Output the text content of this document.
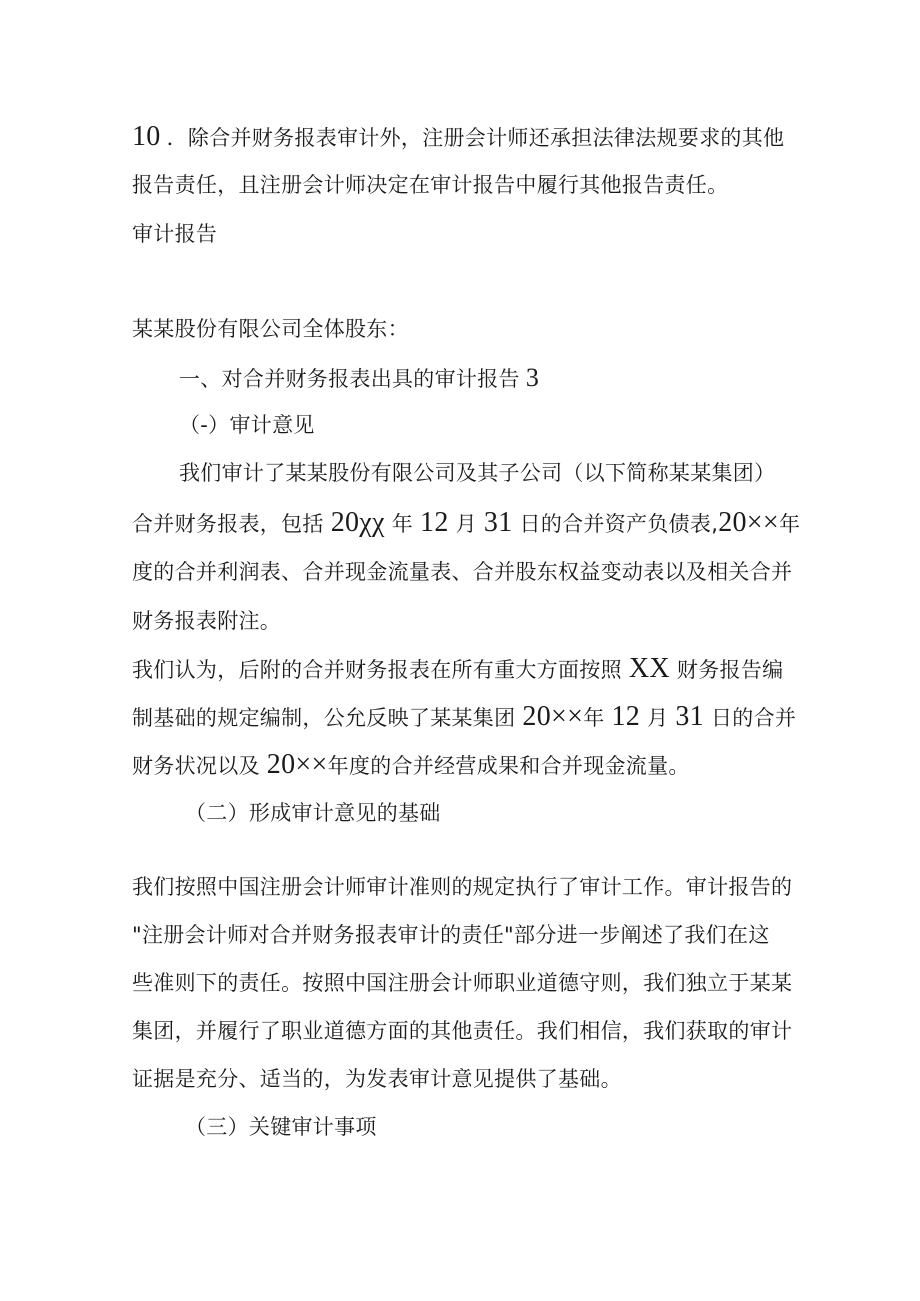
10 ．除合并财务报表审计外，注册会计师还承担法律法规要求的其他
报告责任，且注册会计师决定在审计报告中履行其他报告责任。
审计报告
某某股份有限公司全体股东：
一、对合并财务报表出具的审计报告 3
（-）审计意见
我们审计了某某股份有限公司及其子公司（以下简称某某集团）
合并财务报表，包括 20χχ 年 12 月 31 日的合并资产负债表,20××年
度的合并利润表、合并现金流量表、合并股东权益变动表以及相关合并
财务报表附注。
我们认为，后附的合并财务报表在所有重大方面按照 XX 财务报告编
制基础的规定编制，公允反映了某某集团 20××年 12 月 31 日的合并
财务状况以及 20××年度的合并经营成果和合并现金流量。
（二）形成审计意见的基础
我们按照中国注册会计师审计准则的规定执行了审计工作。审计报告的
"注册会计师对合并财务报表审计的责任"部分进一步阐述了我们在这
些准则下的责任。按照中国注册会计师职业道德守则，我们独立于某某
集团，并履行了职业道德方面的其他责任。我们相信，我们获取的审计
证据是充分、适当的，为发表审计意见提供了基础。
（三）关键审计事项
